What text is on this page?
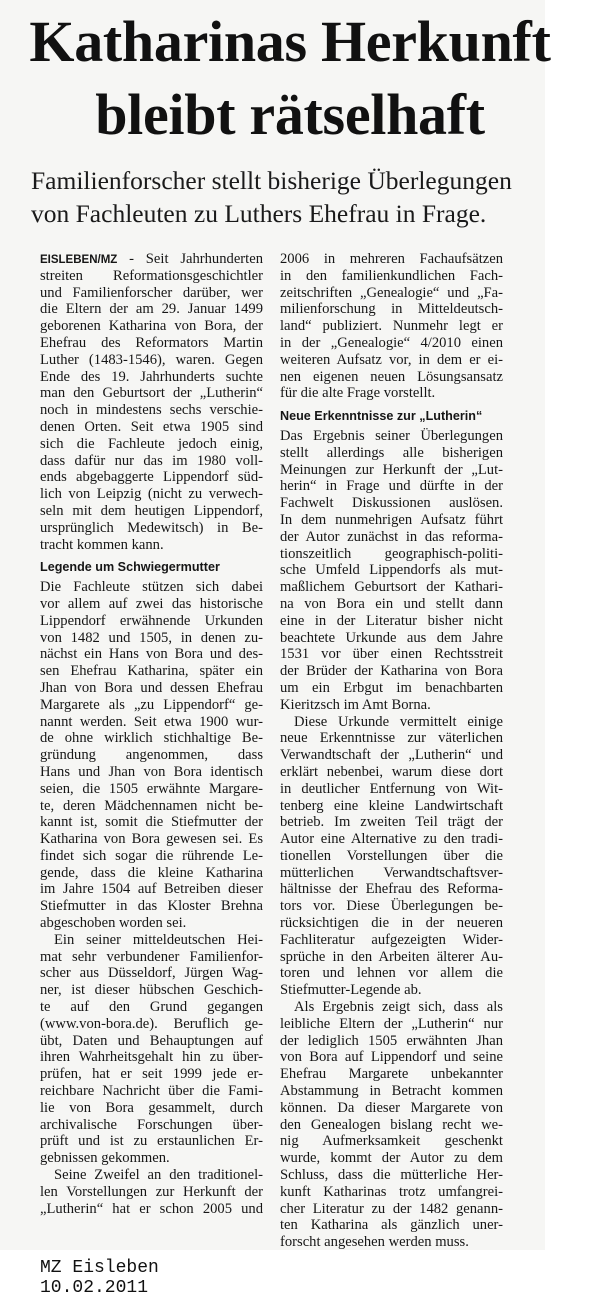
Katharinas Herkunft
bleibt rätselhaft
Familienforscher stellt bisherige Überlegungen
von Fachleuten zu Luthers Ehefrau in Frage.
EISLEBEN/MZ - Seit Jahrhunderten
streiten Reformationsgeschichtler
und Familienforscher darüber, wer
die Eltern der am 29. Januar 1499
geborenen Katharina von Bora, der
Ehefrau des Reformators Martin
Luther (1483-1546), waren. Gegen
Ende des 19. Jahrhunderts suchte
man den Geburtsort der „Lutherin“
noch in mindestens sechs verschie-
denen Orten. Seit etwa 1905 sind
sich die Fachleute jedoch einig,
dass dafür nur das im 1980 voll-
ends abgebaggerte Lippendorf süd-
lich von Leipzig (nicht zu verwech-
seln mit dem heutigen Lippendorf,
ursprünglich Medewitsch) in Be-
tracht kommen kann.
Legende um Schwiegermutter
Die Fachleute stützen sich dabei
vor allem auf zwei das historische
Lippendorf erwähnende Urkunden
von 1482 und 1505, in denen zu-
nächst ein Hans von Bora und des-
sen Ehefrau Katharina, später ein
Jhan von Bora und dessen Ehefrau
Margarete als „zu Lippendorf“ ge-
nannt werden. Seit etwa 1900 wur-
de ohne wirklich stichhaltige Be-
gründung angenommen, dass
Hans und Jhan von Bora identisch
seien, die 1505 erwähnte Margare-
te, deren Mädchennamen nicht be-
kannt ist, somit die Stiefmutter der
Katharina von Bora gewesen sei. Es
findet sich sogar die rührende Le-
gende, dass die kleine Katharina
im Jahre 1504 auf Betreiben dieser
Stiefmutter in das Kloster Brehna
abgeschoben worden sei.
Ein seiner mitteldeutschen Hei-
mat sehr verbundener Familienfor-
scher aus Düsseldorf, Jürgen Wag-
ner, ist dieser hübschen Geschich-
te auf den Grund gegangen
(www.von-bora.de). Beruflich ge-
übt, Daten und Behauptungen auf
ihren Wahrheitsgehalt hin zu über-
prüfen, hat er seit 1999 jede er-
reichbare Nachricht über die Fami-
lie von Bora gesammelt, durch
archivalische Forschungen über-
prüft und ist zu erstaunlichen Er-
gebnissen gekommen.
Seine Zweifel an den traditionel-
len Vorstellungen zur Herkunft der
„Lutherin“ hat er schon 2005 und
2006 in mehreren Fachaufsätzen
in den familienkundlichen Fach-
zeitschriften „Genealogie“ und „Fa-
milienforschung in Mitteldeutsch-
land“ publiziert. Nunmehr legt er
in der „Genealogie“ 4/2010 einen
weiteren Aufsatz vor, in dem er ei-
nen eigenen neuen Lösungsansatz
für die alte Frage vorstellt.
Neue Erkenntnisse zur „Lutherin“
Das Ergebnis seiner Überlegungen
stellt allerdings alle bisherigen
Meinungen zur Herkunft der „Lut-
herin“ in Frage und dürfte in der
Fachwelt Diskussionen auslösen.
In dem nunmehrigen Aufsatz führt
der Autor zunächst in das reforma-
tionszeitlich geographisch-politi-
sche Umfeld Lippendorfs als mut-
maßlichem Geburtsort der Kathari-
na von Bora ein und stellt dann
eine in der Literatur bisher nicht
beachtete Urkunde aus dem Jahre
1531 vor über einen Rechtsstreit
der Brüder der Katharina von Bora
um ein Erbgut im benachbarten
Kieritzsch im Amt Borna.
Diese Urkunde vermittelt einige
neue Erkenntnisse zur väterlichen
Verwandtschaft der „Lutherin“ und
erklärt nebenbei, warum diese dort
in deutlicher Entfernung von Wit-
tenberg eine kleine Landwirtschaft
betrieb. Im zweiten Teil trägt der
Autor eine Alternative zu den tradi-
tionellen Vorstellungen über die
mütterlichen Verwandtschaftsver-
hältnisse der Ehefrau des Reforma-
tors vor. Diese Überlegungen be-
rücksichtigen die in der neueren
Fachliteratur aufgezeigten Wider-
sprüche in den Arbeiten älterer Au-
toren und lehnen vor allem die
Stiefmutter-Legende ab.
Als Ergebnis zeigt sich, dass als
leibliche Eltern der „Lutherin“ nur
der lediglich 1505 erwähnten Jhan
von Bora auf Lippendorf und seine
Ehefrau Margarete unbekannter
Abstammung in Betracht kommen
können. Da dieser Margarete von
den Genealogen bislang recht we-
nig Aufmerksamkeit geschenkt
wurde, kommt der Autor zu dem
Schluss, dass die mütterliche Her-
kunft Katharinas trotz umfangrei-
cher Literatur zu der 1482 genann-
ten Katharina als gänzlich uner-
forscht angesehen werden muss.
MZ Eisleben
10.02.2011
